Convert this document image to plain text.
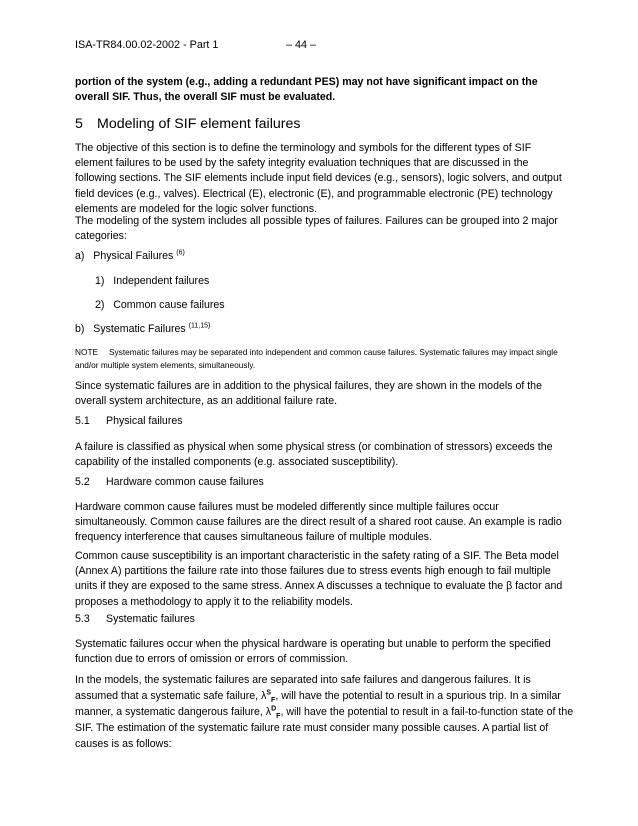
ISA-TR84.00.02-2002 - Part 1	– 44 –
portion of the system (e.g., adding a redundant PES) may not have significant impact on the
overall SIF. Thus, the overall SIF must be evaluated.
5 Modeling of SIF element failures
The objective of this section is to define the terminology and symbols for the different types of SIF
element failures to be used by the safety integrity evaluation techniques that are discussed in the
following sections. The SIF elements include input field devices (e.g., sensors), logic solvers, and output
field devices (e.g., valves). Electrical (E), electronic (E), and programmable electronic (PE) technology
elements are modeled for the logic solver functions.
The modeling of the system includes all possible types of failures. Failures can be grouped into 2 major
categories:
a) Physical Failures $^{(6)}$
1) Independent failures
2) Common cause failures
b) Systematic Failures $^{(11,15)}$
NOTE Systematic failures may be separated into independent and common cause failures. Systematic failures may impact single
and/or multiple system elements, simultaneously.
Since systematic failures are in addition to the physical failures, they are shown in the models of the
overall system architecture, as an additional failure rate.
5.1 Physical failures
A failure is classified as physical when some physical stress (or combination of stressors) exceeds the
capability of the installed components (e.g. associated susceptibility).
5.2 Hardware common cause failures
Hardware common cause failures must be modeled differently since multiple failures occur
simultaneously. Common cause failures are the direct result of a shared root cause. An example is radio
frequency interference that causes simultaneous failure of multiple modules.
Common cause susceptibility is an important characteristic in the safety rating of a SIF. The Beta model
(Annex A) partitions the failure rate into those failures due to stress events high enough to fail multiple
units if they are exposed to the same stress. Annex A discusses a technique to evaluate the β factor and
proposes a methodology to apply it to the reliability models.
5.3 Systematic failures
Systematic failures occur when the physical hardware is operating but unable to perform the specified
function due to errors of omission or errors of commission.
In the models, the systematic failures are separated into safe failures and dangerous failures. It is
assumed that a systematic safe failure, $\lambda^S_F$, will have the potential to result in a spurious trip. In a similar
manner, a systematic dangerous failure, $\lambda^D_F$, will have the potential to result in a fail-to-function state of the
SIF. The estimation of the systematic failure rate must consider many possible causes. A partial list of
causes is as follows:
